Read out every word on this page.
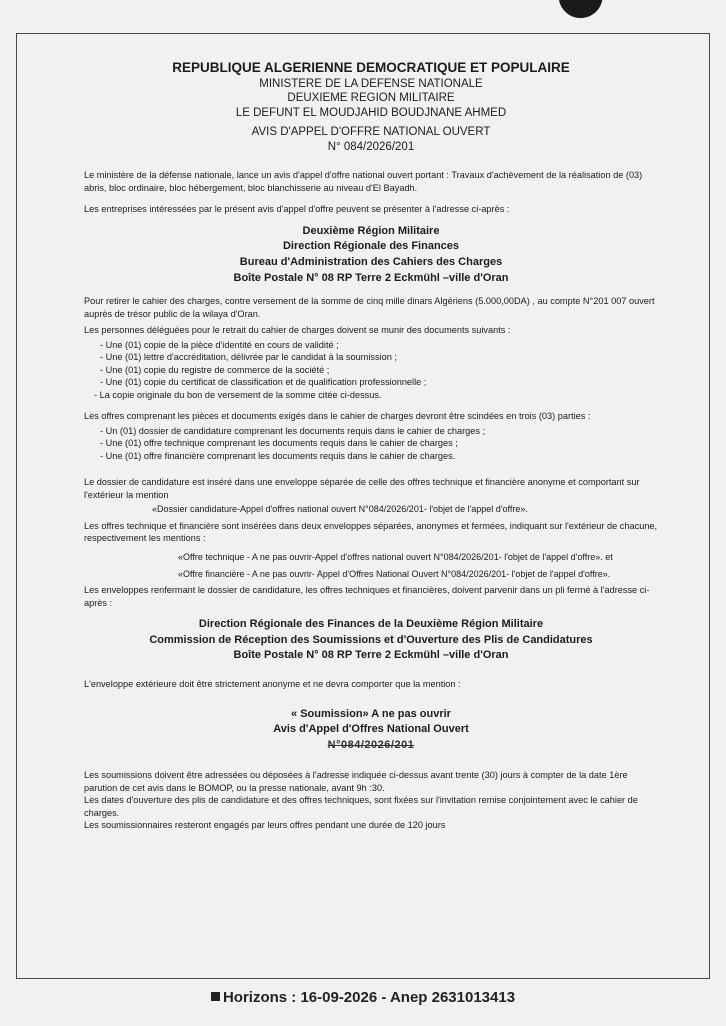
REPUBLIQUE ALGERIENNE DEMOCRATIQUE ET POPULAIRE
MINISTERE DE LA DEFENSE NATIONALE
DEUXIEME REGION MILITAIRE
LE DEFUNT EL MOUDJAHID BOUDJNANE AHMED
AVIS D'APPEL D'OFFRE NATIONAL OUVERT
N° 084/2026/201
Le ministère de la défense nationale, lance un avis d'appel d'offre national ouvert portant : Travaux d'achèvement de la réalisation de (03) abris, bloc ordinaire, bloc hébergement, bloc blanchisserie au niveau d'El Bayadh.
Les entreprises intéressées par le présent avis d'appel d'offre peuvent se présenter à l'adresse ci-après :
Deuxième Région Militaire
Direction Régionale des Finances
Bureau d'Administration des Cahiers des Charges
Boîte Postale N° 08 RP Terre 2 Eckmühl –ville d'Oran
Pour retirer le cahier des charges, contre versement de la somme de cinq mille dinars Algériens (5.000,00DA) , au compte N°201 007 ouvert auprès de trésor public de la wilaya d'Oran.
Les personnes déléguées pour le retrait du cahier de charges doivent se munir des documents suivants :
- Une (01) copie de la pièce d'identité en cours de validité ;
- Une (01) lettre d'accréditation, délivrée par le candidat à la soumission ;
- Une (01) copie du registre de commerce de la société ;
- Une (01) copie du certificat de classification et de qualification professionnelle ;
- La copie originale du bon de versement de la somme citée ci-dessus.
Les offres comprenant les pièces et documents exigés dans le cahier de charges devront être scindées en trois (03) parties :
- Un (01) dossier de candidature comprenant les documents requis dans le cahier de charges ;
- Une (01) offre technique comprenant les documents requis dans le cahier de charges ;
- Une (01) offre financière comprenant les documents requis dans le cahier de charges.
Le dossier de candidature est inséré dans une enveloppe séparée de celle des offres technique et financière anonyme et comportant sur l'extérieur la mention
«Dossier candidature-Appel d'offres national ouvert N°084/2026/201- l'objet de l'appel d'offre».
Les offres technique et financière sont insérées dans deux enveloppes séparées, anonymes et fermées, indiquant sur l'extérieur de chacune, respectivement les mentions :
«Offre technique - A ne pas ouvrir-Appel d'offres national ouvert N°084/2026/201- l'objet de l'appel d'offre». et
«Offre financière - A ne pas ouvrir- Appel d'Offres National Ouvert N°084/2026/201- l'objet de l'appel d'offre».
Les enveloppes renfermant le dossier de candidature, les offres techniques et financières, doivent parvenir dans un pli fermé à l'adresse ci-après :
Direction Régionale des Finances de la Deuxième Région Militaire
Commission de Réception des Soumissions et d'Ouverture des Plis de Candidatures
Boîte Postale N° 08 RP Terre 2 Eckmühl –ville d'Oran
L'enveloppe extérieure doit être strictement anonyme et ne devra comporter que la mention :
« Soumission» A ne pas ouvrir
Avis d'Appel d'Offres National Ouvert
N°084/2026/201
Les soumissions doivent être adressées ou déposées à l'adresse indiquée ci-dessus avant trente (30) jours à compter de la date 1ère parution de cet avis dans le BOMOP, ou la presse nationale, avant 9h :30.
Les dates d'ouverture des plis de candidature et des offres techniques, sont fixées sur l'invitation remise conjointement avec le cahier de charges.
Les soumissionnaires resteront engagés par leurs offres pendant une durée de 120 jours
Horizons : 16-09-2026 - Anep 2631013413
